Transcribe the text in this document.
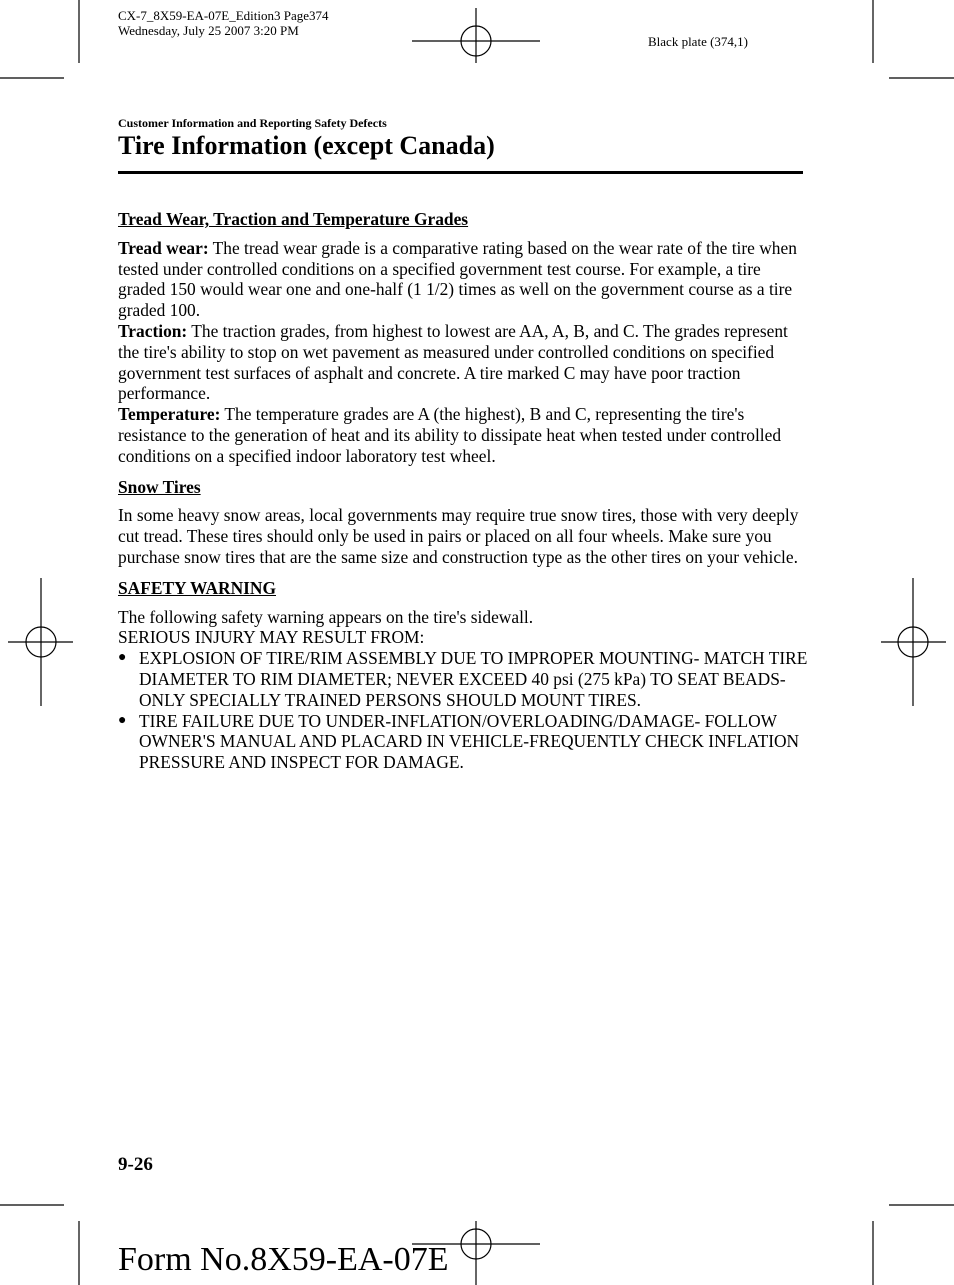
CX-7_8X59-EA-07E_Edition3 Page374
Wednesday, July 25 2007 3:20 PM
Black plate (374,1)
Customer Information and Reporting Safety Defects
Tire Information (except Canada)

Tread Wear, Traction and Temperature Grades

Tread wear: The tread wear grade is a comparative rating based on the wear rate of the tire when tested under controlled conditions on a specified government test course. For example, a tire graded 150 would wear one and one-half (1 1/2) times as well on the government course as a tire graded 100.

Traction: The traction grades, from highest to lowest are AA, A, B, and C. The grades represent the tire's ability to stop on wet pavement as measured under controlled conditions on specified government test surfaces of asphalt and concrete. A tire marked C may have poor traction performance.

Temperature: The temperature grades are A (the highest), B and C, representing the tire's resistance to the generation of heat and its ability to dissipate heat when tested under controlled conditions on a specified indoor laboratory test wheel.

Snow Tires

In some heavy snow areas, local governments may require true snow tires, those with very deeply cut tread. These tires should only be used in pairs or placed on all four wheels. Make sure you purchase snow tires that are the same size and construction type as the other tires on your vehicle.

SAFETY WARNING

The following safety warning appears on the tire's sidewall.

SERIOUS INJURY MAY RESULT FROM:

● EXPLOSION OF TIRE/RIM ASSEMBLY DUE TO IMPROPER MOUNTING- MATCH TIRE DIAMETER TO RIM DIAMETER; NEVER EXCEED 40 psi (275 kPa) TO SEAT BEADS-ONLY SPECIALLY TRAINED PERSONS SHOULD MOUNT TIRES.
● TIRE FAILURE DUE TO UNDER-INFLATION/OVERLOADING/DAMAGE- FOLLOW OWNER'S MANUAL AND PLACARD IN VEHICLE-FREQUENTLY CHECK INFLATION PRESSURE AND INSPECT FOR DAMAGE.
9-26
Form No.8X59-EA-07E
